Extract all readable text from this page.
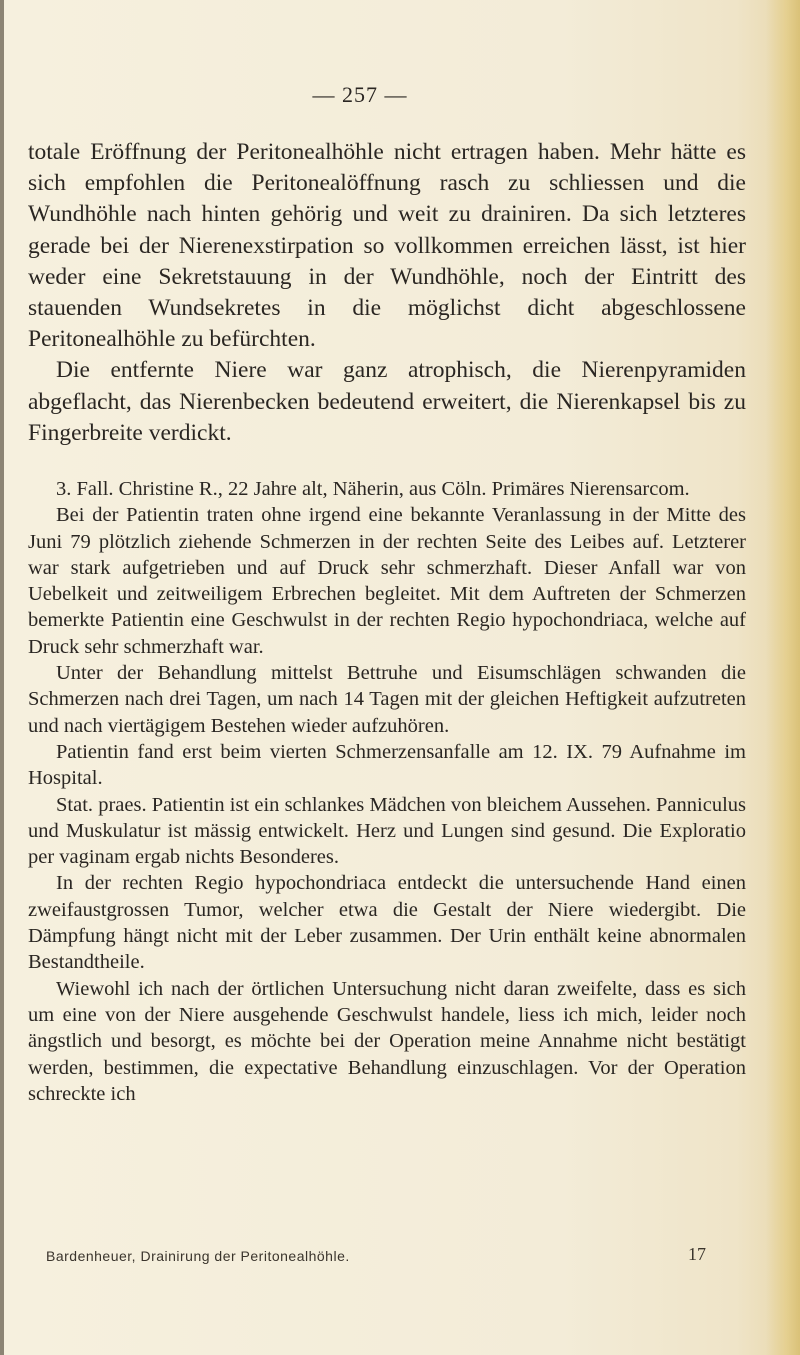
— 257 —

totale Eröffnung der Peritonealhöhle nicht ertragen haben. Mehr hätte es sich empfohlen die Peritonealöffnung rasch zu schliessen und die Wundhöhle nach hinten gehörig und weit zu drainiren. Da sich letzteres gerade bei der Nierenexstirpation so vollkommen erreichen lässt, ist hier weder eine Sekretstauung in der Wundhöhle, noch der Eintritt des stauenden Wundsekretes in die möglichst dicht abgeschlossene Peritonealhöhle zu befürchten.

Die entfernte Niere war ganz atrophisch, die Nierenpyramiden abgeflacht, das Nierenbecken bedeutend erweitert, die Nierenkapsel bis zu Fingerbreite verdickt.

3. Fall. Christine R., 22 Jahre alt, Näherin, aus Cöln. Primäres Nierensarcom.

Bei der Patientin traten ohne irgend eine bekannte Veranlassung in der Mitte des Juni 79 plötzlich ziehende Schmerzen in der rechten Seite des Leibes auf. Letzterer war stark aufgetrieben und auf Druck sehr schmerzhaft. Dieser Anfall war von Uebelkeit und zeitweiligem Erbrechen begleitet. Mit dem Auftreten der Schmerzen bemerkte Patientin eine Geschwulst in der rechten Regio hypochondriaca, welche auf Druck sehr schmerzhaft war.

Unter der Behandlung mittelst Bettruhe und Eisumschlägen schwanden die Schmerzen nach drei Tagen, um nach 14 Tagen mit der gleichen Heftigkeit aufzutreten und nach viertägigem Bestehen wieder aufzuhören.

Patientin fand erst beim vierten Schmerzensanfalle am 12. IX. 79 Aufnahme im Hospital.

Stat. praes. Patientin ist ein schlankes Mädchen von bleichem Aussehen. Panniculus und Muskulatur ist mässig entwickelt. Herz und Lungen sind gesund. Die Exploratio per vaginam ergab nichts Besonderes.

In der rechten Regio hypochondriaca entdeckt die untersuchende Hand einen zweifaustgrossen Tumor, welcher etwa die Gestalt der Niere wiedergibt. Die Dämpfung hängt nicht mit der Leber zusammen. Der Urin enthält keine abnormalen Bestandtheile.

Wiewohl ich nach der örtlichen Untersuchung nicht daran zweifelte, dass es sich um eine von der Niere ausgehende Geschwulst handele, liess ich mich, leider noch ängstlich und besorgt, es möchte bei der Operation meine Annahme nicht bestätigt werden, bestimmen, die expectative Behandlung einzuschlagen. Vor der Operation schreckte ich

Bardenheuer, Drainirung der Peritonealhöhle.	17
